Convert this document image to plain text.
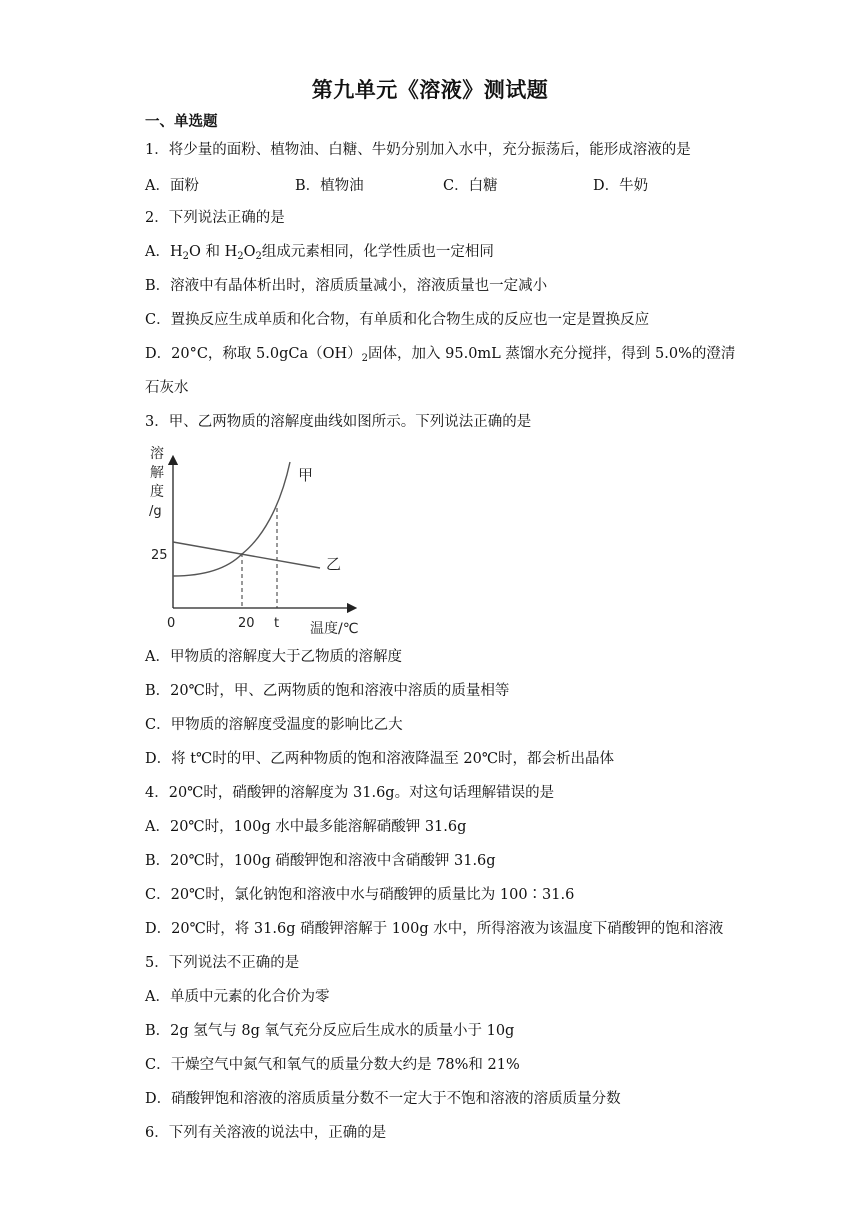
第九单元《溶液》测试题
一、单选题
1．将少量的面粉、植物油、白糖、牛奶分别加入水中，充分振荡后，能形成溶液的是
A．面粉	B．植物油	C．白糖	D．牛奶
2．下列说法正确的是
A．$H_2O$ 和 $H_2O_2$组成元素相同，化学性质也一定相同
B．溶液中有晶体析出时，溶质质量减小，溶液质量也一定减小
C．置换反应生成单质和化合物，有单质和化合物生成的反应也一定是置换反应
D．20°C，称取 $5.0gCa(OH)_2$固体，加入 95.0mL 蒸馏水充分搅拌，得到 5.0%的澄清
石灰水
3．甲、乙两物质的溶解度曲线如图所示。下列说法正确的是
溶
解
度
/g
25
0	20 t 温度/℃
甲
乙
A．甲物质的溶解度大于乙物质的溶解度
B．20℃时，甲、乙两物质的饱和溶液中溶质的质量相等
C．甲物质的溶解度受温度的影响比乙大
D．将 t℃时的甲、乙两种物质的饱和溶液降温至 20℃时，都会析出晶体
4．20℃时，硝酸钾的溶解度为 31.6g。对这句话理解错误的是
A．20℃时，100g 水中最多能溶解硝酸钾 31.6g
B．20℃时，100g 硝酸钾饱和溶液中含硝酸钾 31.6g
C．20℃时，氯化钠饱和溶液中水与硝酸钾的质量比为 100∶31.6
D．20℃时，将 31.6g 硝酸钾溶解于 100g 水中，所得溶液为该温度下硝酸钾的饱和溶液
5．下列说法不正确的是
A．单质中元素的化合价为零
B．2g 氢气与 8g 氧气充分反应后生成水的质量小于 10g
C．干燥空气中氮气和氧气的质量分数大约是 78%和 21%
D．硝酸钾饱和溶液的溶质质量分数不一定大于不饱和溶液的溶质质量分数
6．下列有关溶液的说法中，正确的是
